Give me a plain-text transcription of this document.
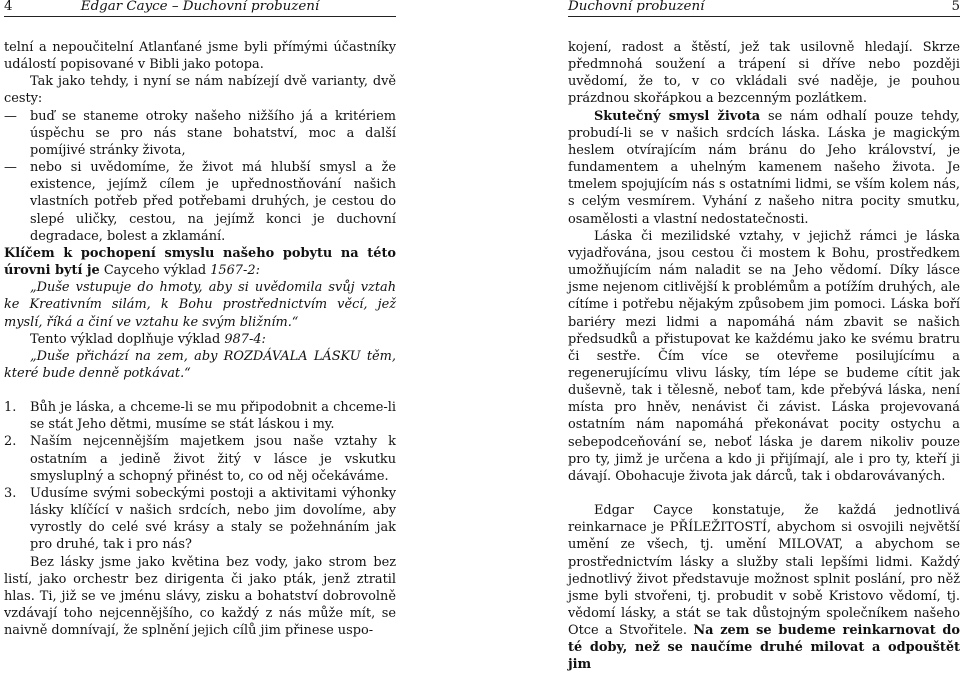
4	Edgar Cayce – Duchovní probuzení

telní a nepoučitelní Atlanťané jsme byli přímými účastníky událostí popisované v Bibli jako potopa.

Tak jako tehdy, i nyní se nám nabízejí dvě varianty, dvě cesty:

— buď se staneme otroky našeho nižšího já a kritériem úspěchu se pro nás stane bohatství, moc a další pomíjivé stránky života,

— nebo si uvědomíme, že život má hlubší smysl a že existence, jejímž cílem je upřednostňování našich vlastních potřeb před potřebami druhých, je cestou do slepé uličky, cestou, na jejímž konci je duchovní degradace, bolest a zklamání.

Klíčem k pochopení smyslu našeho pobytu na této úrovni bytí je Cayceho výklad 1567-2:

„Duše vstupuje do hmoty, aby si uvědomila svůj vztah ke Kreativním silám, k Bohu prostřednictvím věcí, jež myslí, říká a činí ve vztahu ke svým bližním.“

Tento výklad doplňuje výklad 987-4:

„Duše přichází na zem, aby ROZDÁVALA LÁSKU těm, které bude denně potkávat.“

1. Bůh je láska, a chceme-li se mu připodobnit a chceme-li se stát Jeho dětmi, musíme se stát láskou i my.

2. Naším nejcennějším majetkem jsou naše vztahy k ostatním a jedině život žitý v lásce je vskutku smysluplný a schopný přinést to, co od něj očekáváme.

3. Udusíme svými sobeckými postoji a aktivitami výhonky lásky klíčící v našich srdcích, nebo jim dovolíme, aby vyrostly do celé své krásy a staly se požehnáním jak pro druhé, tak i pro nás?

Bez lásky jsme jako květina bez vody, jako strom bez listí, jako orchestr bez dirigenta či jako pták, jenž ztratil hlas. Ti, již se ve jménu slávy, zisku a bohatství dobrovolně vzdávají toho nejcennějšího, co každý z nás může mít, se naivně domnívají, že splnění jejich cílů jim přinese uspo-

Duchovní probuzení	5

kojení, radost a štěstí, jež tak usilovně hledají. Skrze předmnohá soužení a trápení si dříve nebo později uvědomí, že to, v co vkládali své naděje, je pouhou prázdnou skořápkou a bezcenným pozlátkem.

Skutečný smysl života se nám odhalí pouze tehdy, probudí-li se v našich srdcích láska. Láska je magickým heslem otvírajícím nám bránu do Jeho království, je fundamentem a uhelným kamenem našeho života. Je tmelem spojujícím nás s ostatními lidmi, se vším kolem nás, s celým vesmírem. Vyhání z našeho nitra pocity smutku, osamělosti a vlastní nedostatečnosti.

Láska či mezilidské vztahy, v jejichž rámci je láska vyjadřována, jsou cestou či mostem k Bohu, prostředkem umožňujícím nám naladit se na Jeho vědomí. Díky lásce jsme nejenom citlivější k problémům a potížím druhých, ale cítíme i potřebu nějakým způsobem jim pomoci. Láska boří bariéry mezi lidmi a napomáhá nám zbavit se našich předsudků a přistupovat ke každému jako ke svému bratru či sestře. Čím více se otevřeme posilujícímu a regenerujícímu vlivu lásky, tím lépe se budeme cítit jak duševně, tak i tělesně, neboť tam, kde přebývá láska, není místa pro hněv, nenávist či závist. Láska projevovaná ostatním nám napomáhá překonávat pocity ostychu a sebepodceňování se, neboť láska je darem nikoliv pouze pro ty, jimž je určena a kdo ji přijímají, ale i pro ty, kteří ji dávají. Obohacuje života jak dárců, tak i obdarovávaných.

Edgar Cayce konstatuje, že každá jednotlivá reinkarnace je PŘÍLEŽITOSTÍ, abychom si osvojili největší umění ze všech, tj. umění MILOVAT, a abychom se prostřednictvím lásky a služby stali lepšími lidmi. Každý jednotlivý život představuje možnost splnit poslání, pro něž jsme byli stvořeni, tj. probudit v sobě Kristovo vědomí, tj. vědomí lásky, a stát se tak důstojným společníkem našeho Otce a Stvořitele. Na zem se budeme reinkarnovat do té doby, než se naučíme druhé milovat a odpouštět jim
